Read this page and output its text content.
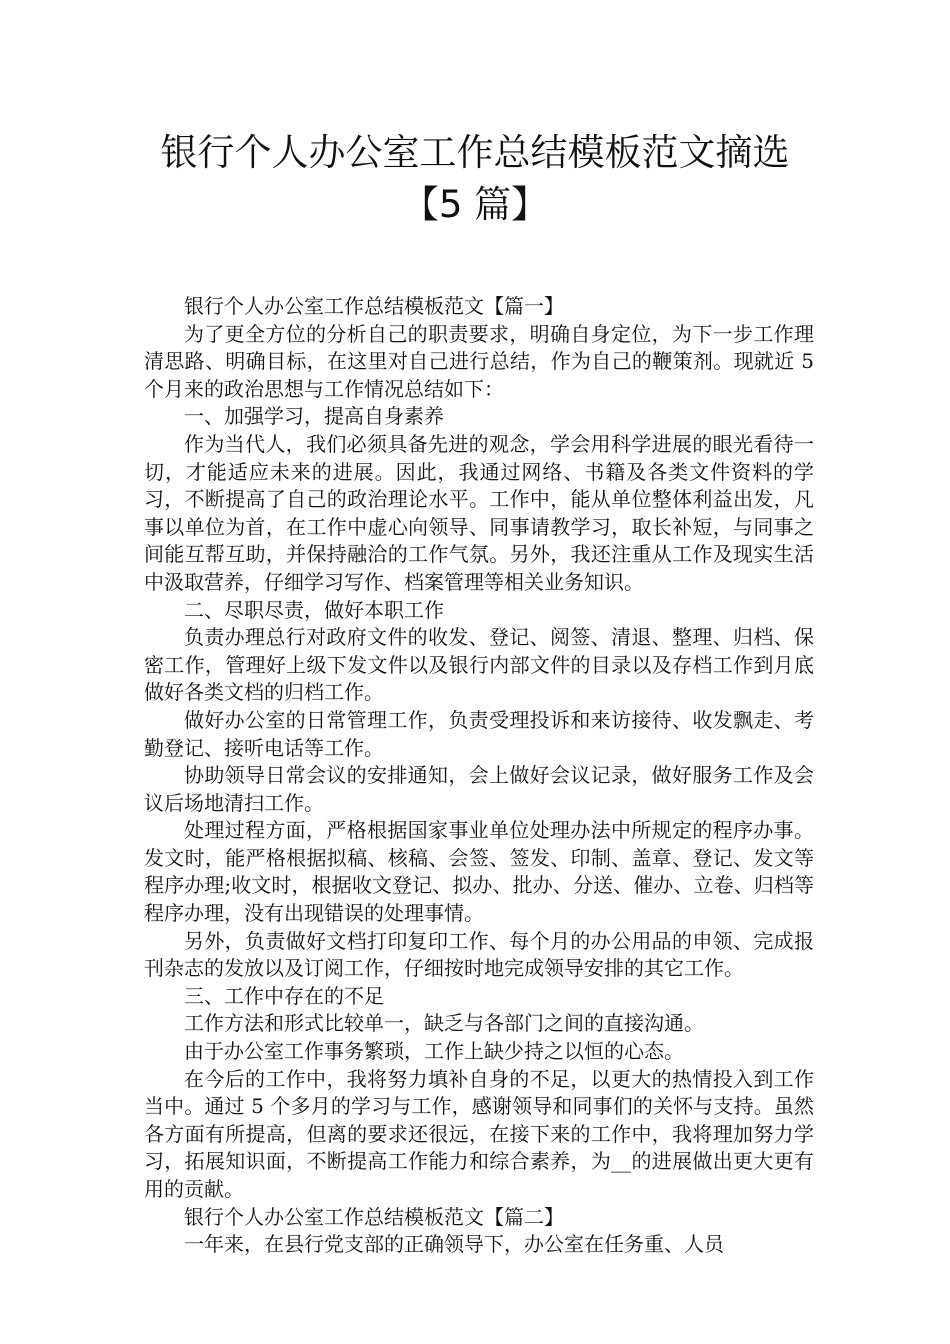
银行个人办公室工作总结模板范文摘选
【5 篇】

银行个人办公室工作总结模板范文【篇一】

为了更全方位的分析自己的职责要求，明确自身定位，为下一步工作理清思路、明确目标，在这里对自己进行总结，作为自己的鞭策剂。现就近 5 个月来的政治思想与工作情况总结如下：

一、加强学习，提高自身素养

作为当代人，我们必须具备先进的观念，学会用科学进展的眼光看待一切，才能适应未来的进展。因此，我通过网络、书籍及各类文件资料的学习，不断提高了自己的政治理论水平。工作中，能从单位整体利益出发，凡事以单位为首，在工作中虚心向领导、同事请教学习，取长补短，与同事之间能互帮互助，并保持融洽的工作气氛。另外，我还注重从工作及现实生活中汲取营养，仔细学习写作、档案管理等相关业务知识。

二、尽职尽责，做好本职工作

负责办理总行对政府文件的收发、登记、阅签、清退、整理、归档、保密工作，管理好上级下发文件以及银行内部文件的目录以及存档工作到月底做好各类文档的归档工作。

做好办公室的日常管理工作，负责受理投诉和来访接待、收发飘走、考勤登记、接听电话等工作。

协助领导日常会议的安排通知，会上做好会议记录，做好服务工作及会议后场地清扫工作。

处理过程方面，严格根据国家事业单位处理办法中所规定的程序办事。发文时，能严格根据拟稿、核稿、会签、签发、印制、盖章、登记、发文等程序办理;收文时，根据收文登记、拟办、批办、分送、催办、立卷、归档等程序办理，没有出现错误的处理事情。

另外，负责做好文档打印复印工作、每个月的办公用品的申领、完成报刊杂志的发放以及订阅工作，仔细按时地完成领导安排的其它工作。

三、工作中存在的不足

工作方法和形式比较单一，缺乏与各部门之间的直接沟通。

由于办公室工作事务繁琐，工作上缺少持之以恒的心态。

在今后的工作中，我将努力填补自身的不足，以更大的热情投入到工作当中。通过 5 个多月的学习与工作，感谢领导和同事们的关怀与支持。虽然各方面有所提高，但离的要求还很远，在接下来的工作中，我将理加努力学习，拓展知识面，不断提高工作能力和综合素养，为__的进展做出更大更有用的贡献。

银行个人办公室工作总结模板范文【篇二】

一年来，在县行党支部的正确领导下，办公室在任务重、人员
